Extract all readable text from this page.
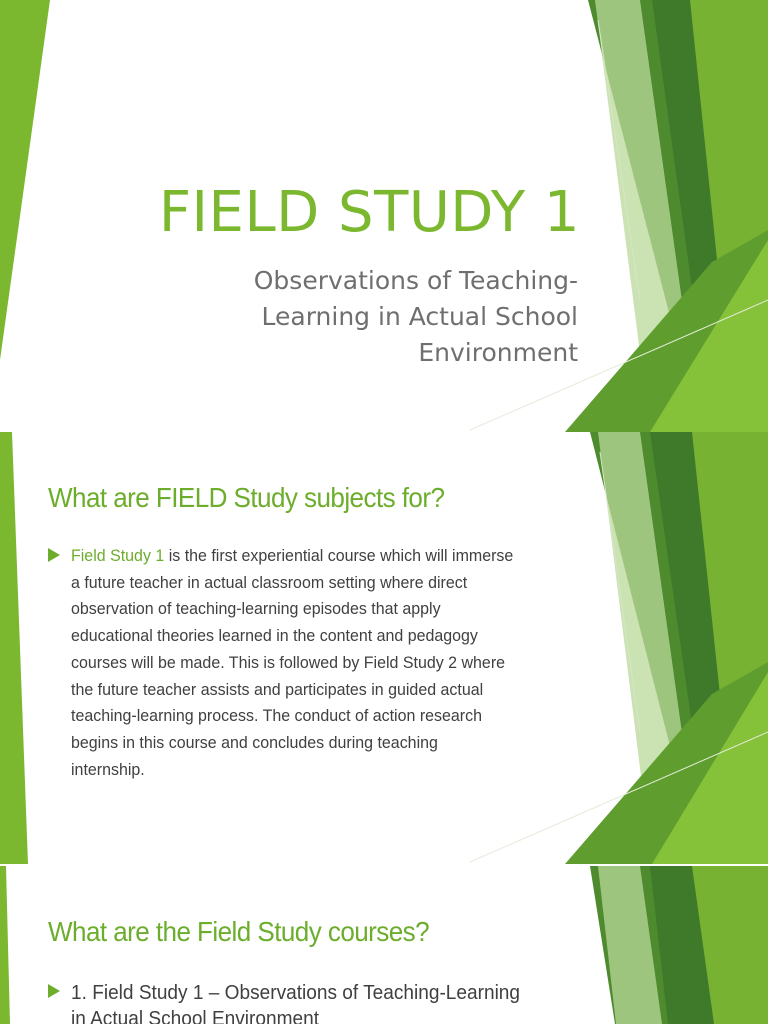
FIELD STUDY 1
Observations of Teaching-
Learning in Actual School
Environment
What are FIELD Study subjects for?
Field Study 1 is the first experiential course which will immerse
a future teacher in actual classroom setting where direct
observation of teaching-learning episodes that apply
educational theories learned in the content and pedagogy
courses will be made. This is followed by Field Study 2 where
the future teacher assists and participates in guided actual
teaching-learning process. The conduct of action research
begins in this course and concludes during teaching
internship.
What are the Field Study courses?
1. Field Study 1 – Observations of Teaching-Learning
in Actual School Environment
